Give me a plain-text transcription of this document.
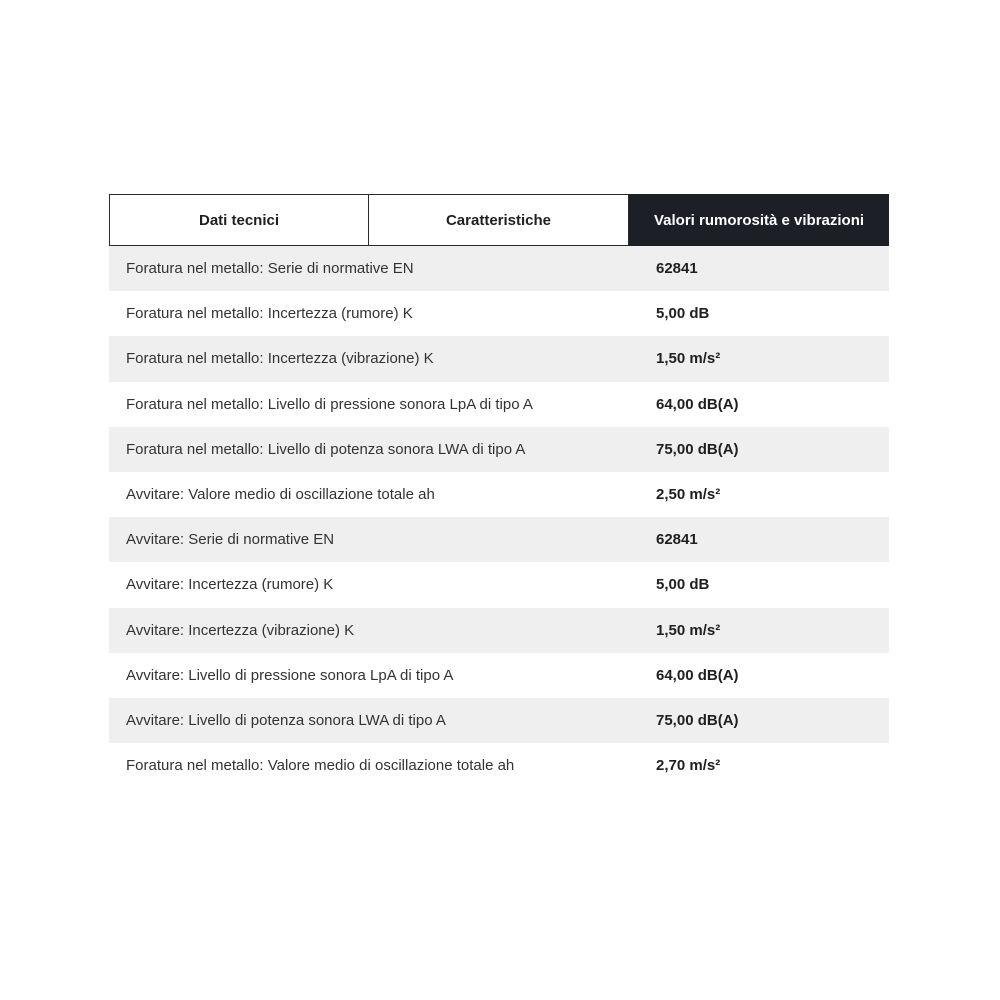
Dati tecnici	Caratteristiche	Valori rumorosità e vibrazioni
Foratura nel metallo: Serie di normative EN	62841
Foratura nel metallo: Incertezza (rumore) K	5,00 dB
Foratura nel metallo: Incertezza (vibrazione) K	1,50 m/s²
Foratura nel metallo: Livello di pressione sonora LpA di tipo A	64,00 dB(A)
Foratura nel metallo: Livello di potenza sonora LWA di tipo A	75,00 dB(A)
Avvitare: Valore medio di oscillazione totale ah	2,50 m/s²
Avvitare: Serie di normative EN	62841
Avvitare: Incertezza (rumore) K	5,00 dB
Avvitare: Incertezza (vibrazione) K	1,50 m/s²
Avvitare: Livello di pressione sonora LpA di tipo A	64,00 dB(A)
Avvitare: Livello di potenza sonora LWA di tipo A	75,00 dB(A)
Foratura nel metallo: Valore medio di oscillazione totale ah	2,70 m/s²
